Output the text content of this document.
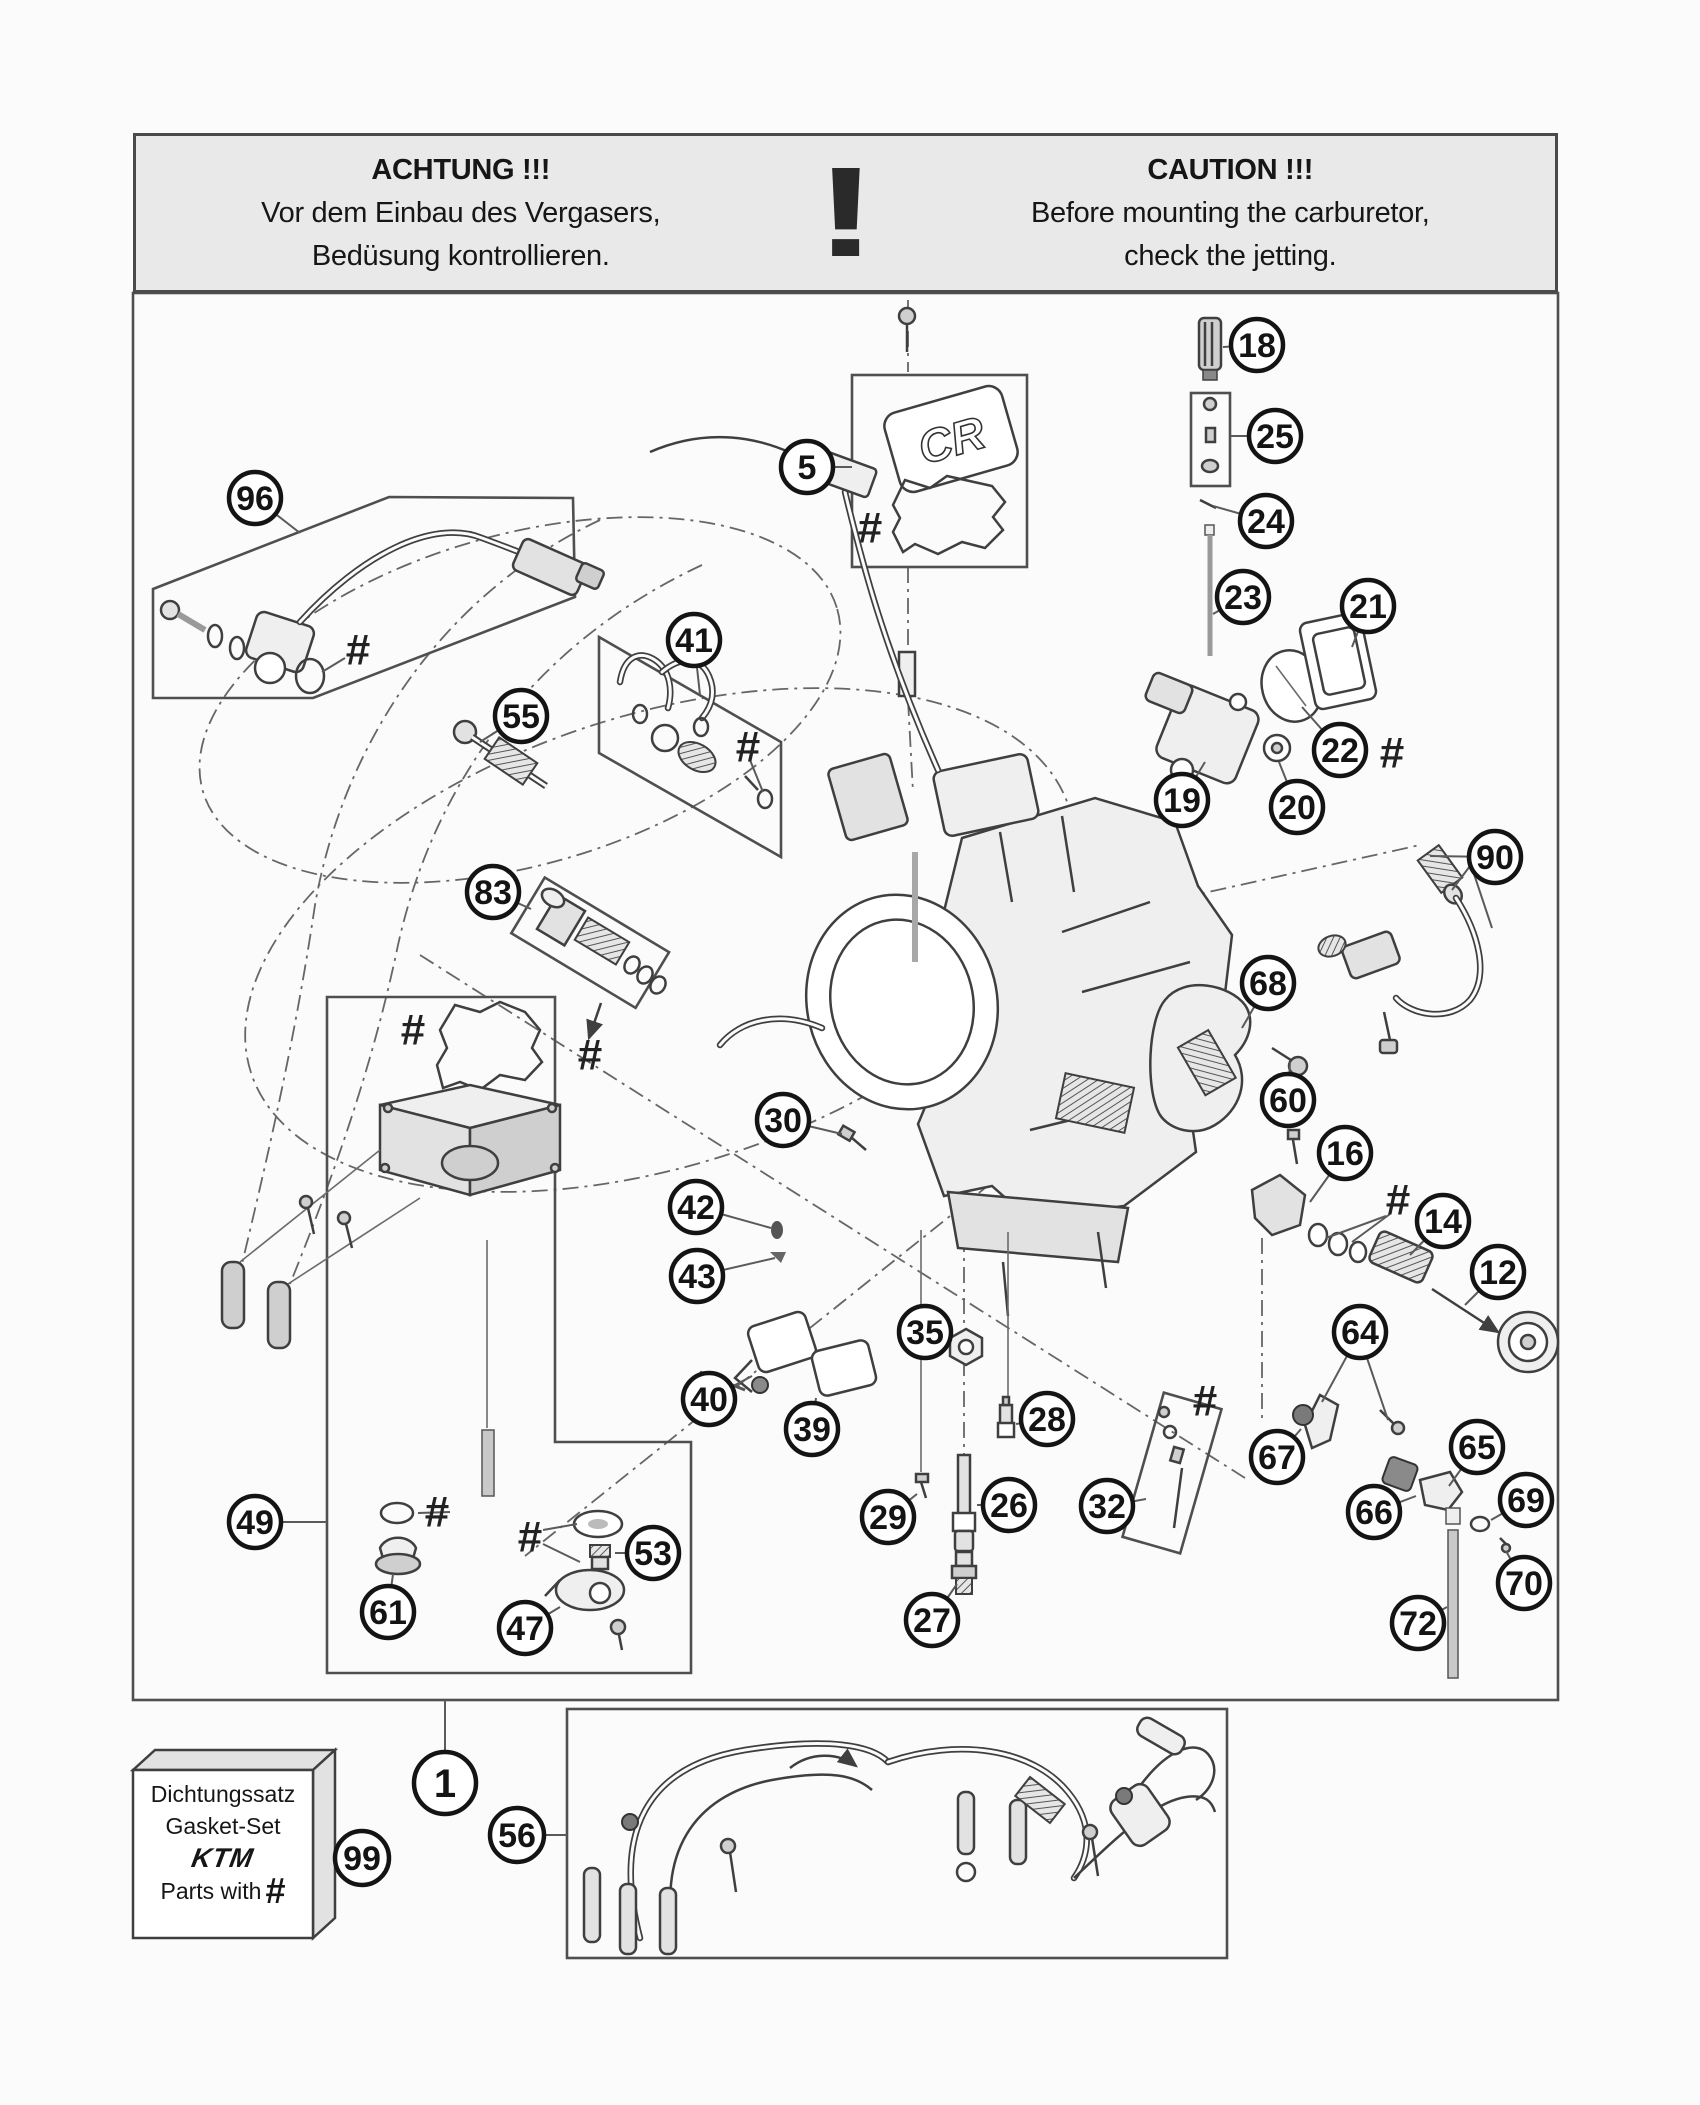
CR
96
5
18
25
24
23	21
22
19 20
55
41
83
90
68
60
30
16
14
12
42
43
35	64
40
39	28
67	65
29 26	66	69
32
53
49
70
27
61	47	72
1
99
56
#
#
#
#
#
#
#
#
#
#
ACHTUNG !!!
Vor dem Einbau des Vergasers,
Bedüsung kontrollieren.	!	CAUTION !!!
Before mounting the carburetor,
check the jetting.
Dichtungssatz
Gasket-Set
KTM
Parts with #
